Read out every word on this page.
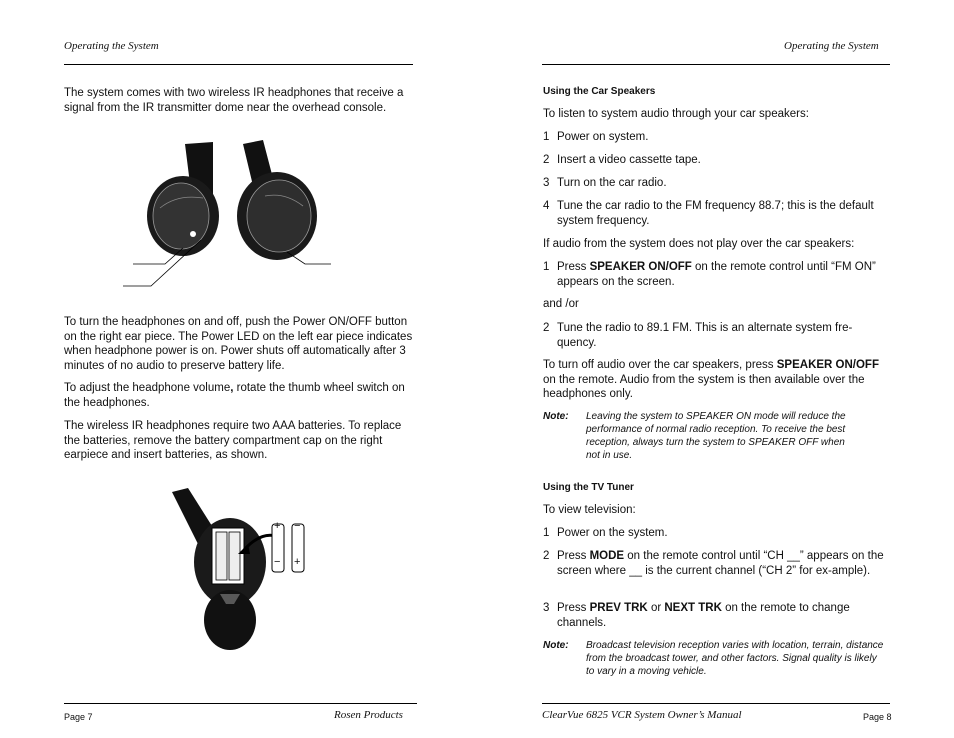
Operating the System
The system comes with two wireless IR headphones that receive a signal from the IR transmitter dome near the overhead console.
To turn the headphones on and off, push the Power ON/OFF button on the right ear piece. The Power LED on the left ear piece indicates when headphone power is on. Power shuts off automatically after 3 minutes of no audio to preserve battery life.
To adjust the headphone volume, rotate the thumb wheel switch on the headphones.
The wireless IR headphones require two AAA batteries. To replace the batteries, remove the battery compartment cap on the right earpiece and insert batteries, as shown.
+
−
−
+
Page 7	Rosen Products
Operating the System
Using the Car Speakers
To listen to system audio through your car speakers:
1 Power on system.
2 Insert a video cassette tape.
3 Turn on the car radio.
4 Tune the car radio to the FM frequency 88.7; this is the default system frequency.
If audio from the system does not play over the car speakers:
1 Press SPEAKER ON/OFF on the remote control until “FM ON” appears on the screen.
and /or
2 Tune the radio to 89.1 FM. This is an alternate system fre-quency.
To turn off audio over the car speakers, press SPEAKER ON/OFF on the remote. Audio from the system is then available over the headphones only.
Note: Leaving the system to SPEAKER ON mode will reduce the performance of normal radio reception. To receive the best reception, always turn the system to SPEAKER OFF when not in use.
Using the TV Tuner
To view television:
1 Power on the system.
2 Press MODE on the remote control until “CH __” appears on the screen where __ is the current channel (“CH 2” for ex-ample).
3 Press PREV TRK or NEXT TRK on the remote to change channels.
Note: Broadcast television reception varies with location, terrain, distance from the broadcast tower, and other factors. Signal quality is likely to vary in a moving vehicle.
ClearVue 6825 VCR System Owner’s Manual	Page 8
